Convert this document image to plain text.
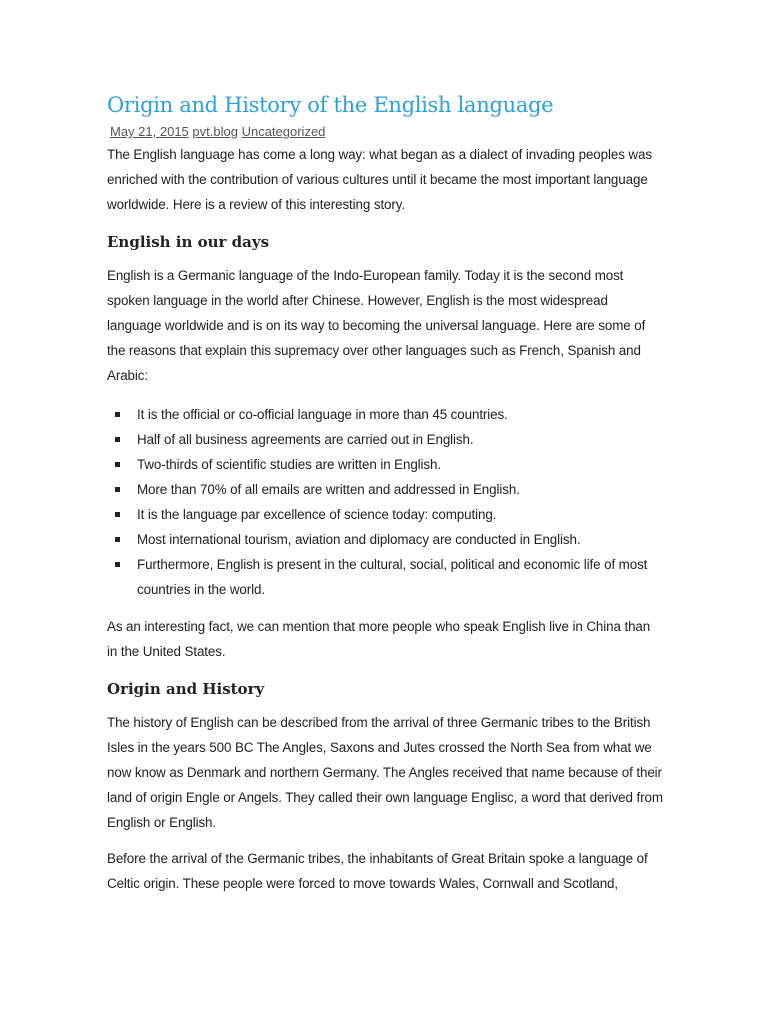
Origin and History of the English language
May 21, 2015 pvt.blog Uncategorized

The English language has come a long way: what began as a dialect of invading peoples was enriched with the contribution of various cultures until it became the most important language worldwide. Here is a review of this interesting story.

English in our days

English is a Germanic language of the Indo-European family. Today it is the second most spoken language in the world after Chinese. However, English is the most widespread language worldwide and is on its way to becoming the universal language. Here are some of the reasons that explain this supremacy over other languages such as French, Spanish and Arabic:

It is the official or co-official language in more than 45 countries.
Half of all business agreements are carried out in English.
Two-thirds of scientific studies are written in English.
More than 70% of all emails are written and addressed in English.
It is the language par excellence of science today: computing.
Most international tourism, aviation and diplomacy are conducted in English.
Furthermore, English is present in the cultural, social, political and economic life of most countries in the world.

As an interesting fact, we can mention that more people who speak English live in China than in the United States.

Origin and History

The history of English can be described from the arrival of three Germanic tribes to the British Isles in the years 500 BC The Angles, Saxons and Jutes crossed the North Sea from what we now know as Denmark and northern Germany. The Angles received that name because of their land of origin Engle or Angels. They called their own language Englisc, a word that derived from English or English.

Before the arrival of the Germanic tribes, the inhabitants of Great Britain spoke a language of Celtic origin. These people were forced to move towards Wales, Cornwall and Scotland,
